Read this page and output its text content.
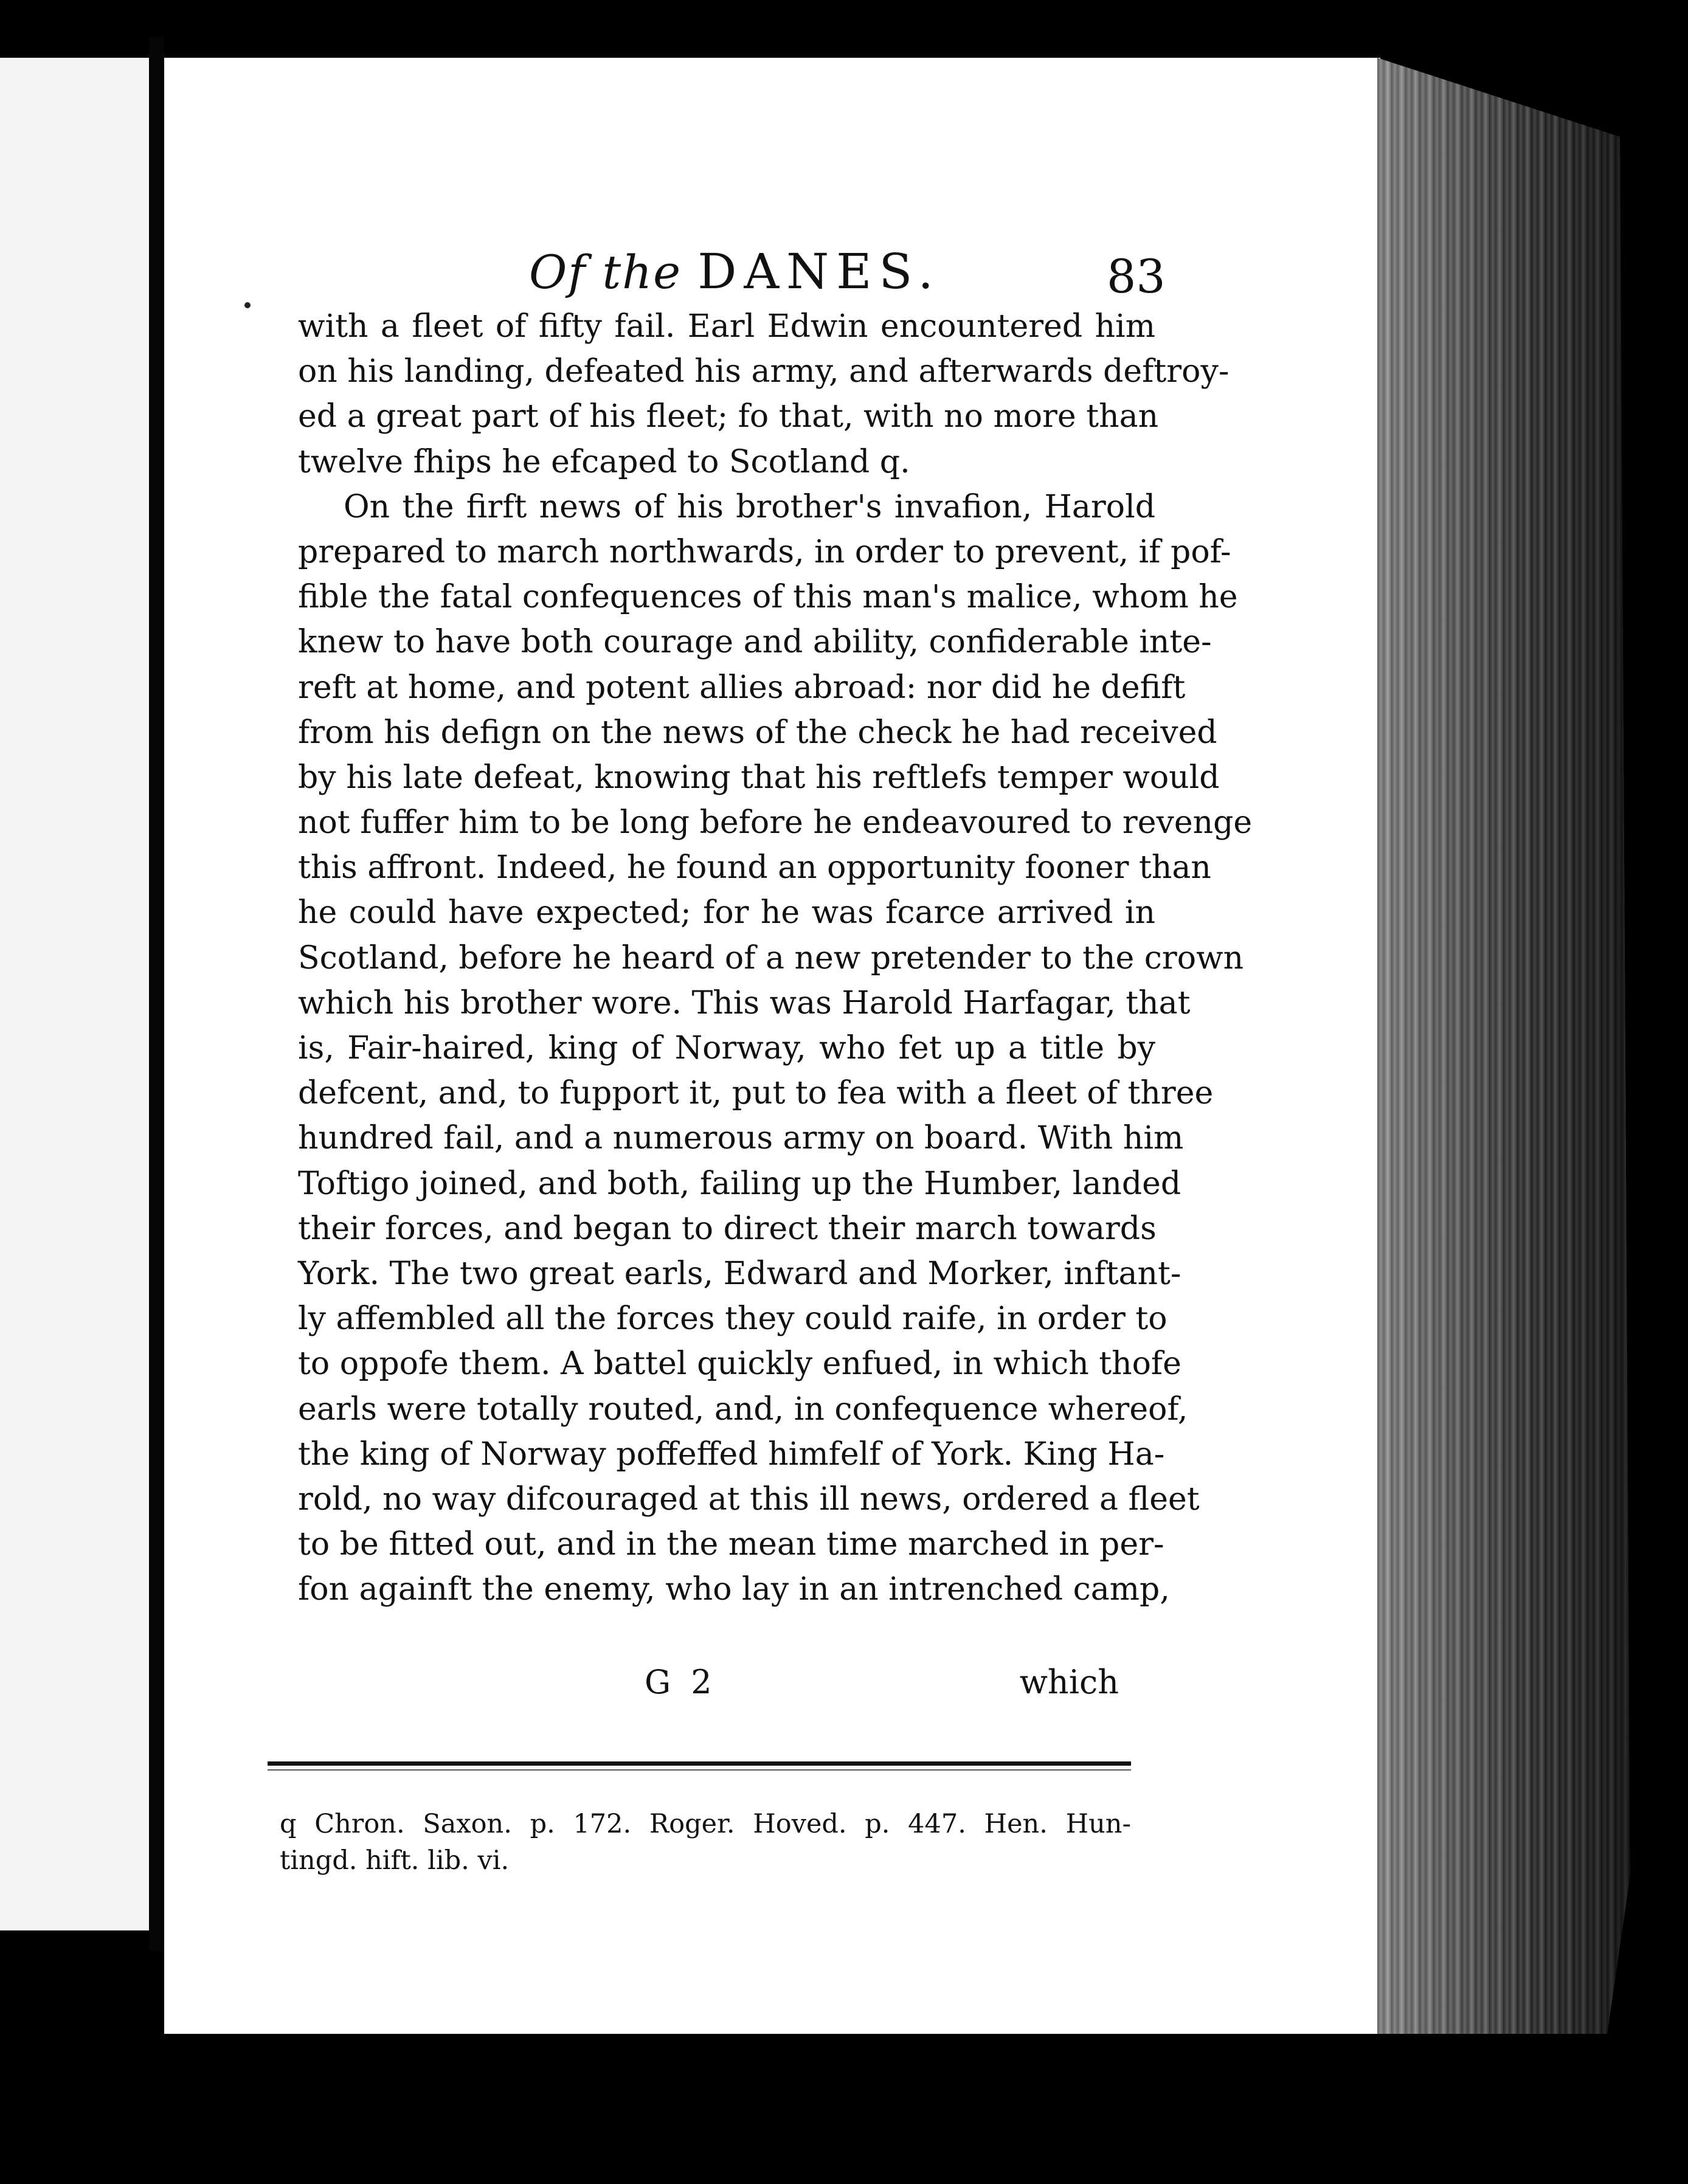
Of the DANES.	83
with a fleet of fifty fail. Earl Edwin encountered him
on his landing, defeated his army, and afterwards deftroy-
ed a great part of his fleet; fo that, with no more than
twelve fhips he efcaped to Scotland q.
On the firft news of his brother's invafion, Harold
prepared to march northwards, in order to prevent, if pof-
fible the fatal confequences of this man's malice, whom he
knew to have both courage and ability, confiderable inte-
reft at home, and potent allies abroad: nor did he defift
from his defign on the news of the check he had received
by his late defeat, knowing that his reftlefs temper would
not fuffer him to be long before he endeavoured to revenge
this affront. Indeed, he found an opportunity fooner than
he could have expected; for he was fcarce arrived in
Scotland, before he heard of a new pretender to the crown
which his brother wore. This was Harold Harfagar, that
is, Fair-haired, king of Norway, who fet up a title by
defcent, and, to fupport it, put to fea with a fleet of three
hundred fail, and a numerous army on board. With him
Toftigo joined, and both, failing up the Humber, landed
their forces, and began to direct their march towards
York. The two great earls, Edward and Morker, inftant-
ly affembled all the forces they could raife, in order to
to oppofe them. A battel quickly enfued, in which thofe
earls were totally routed, and, in confequence whereof,
the king of Norway poffeffed himfelf of York. King Ha-
rold, no way difcouraged at this ill news, ordered a fleet
to be fitted out, and in the mean time marched in per-
fon againft the enemy, who lay in an intrenched camp,
G 2	which
q Chron. Saxon. p. 172. Roger. Hoved. p. 447. Hen. Hun-
tingd. hift. lib. vi.
